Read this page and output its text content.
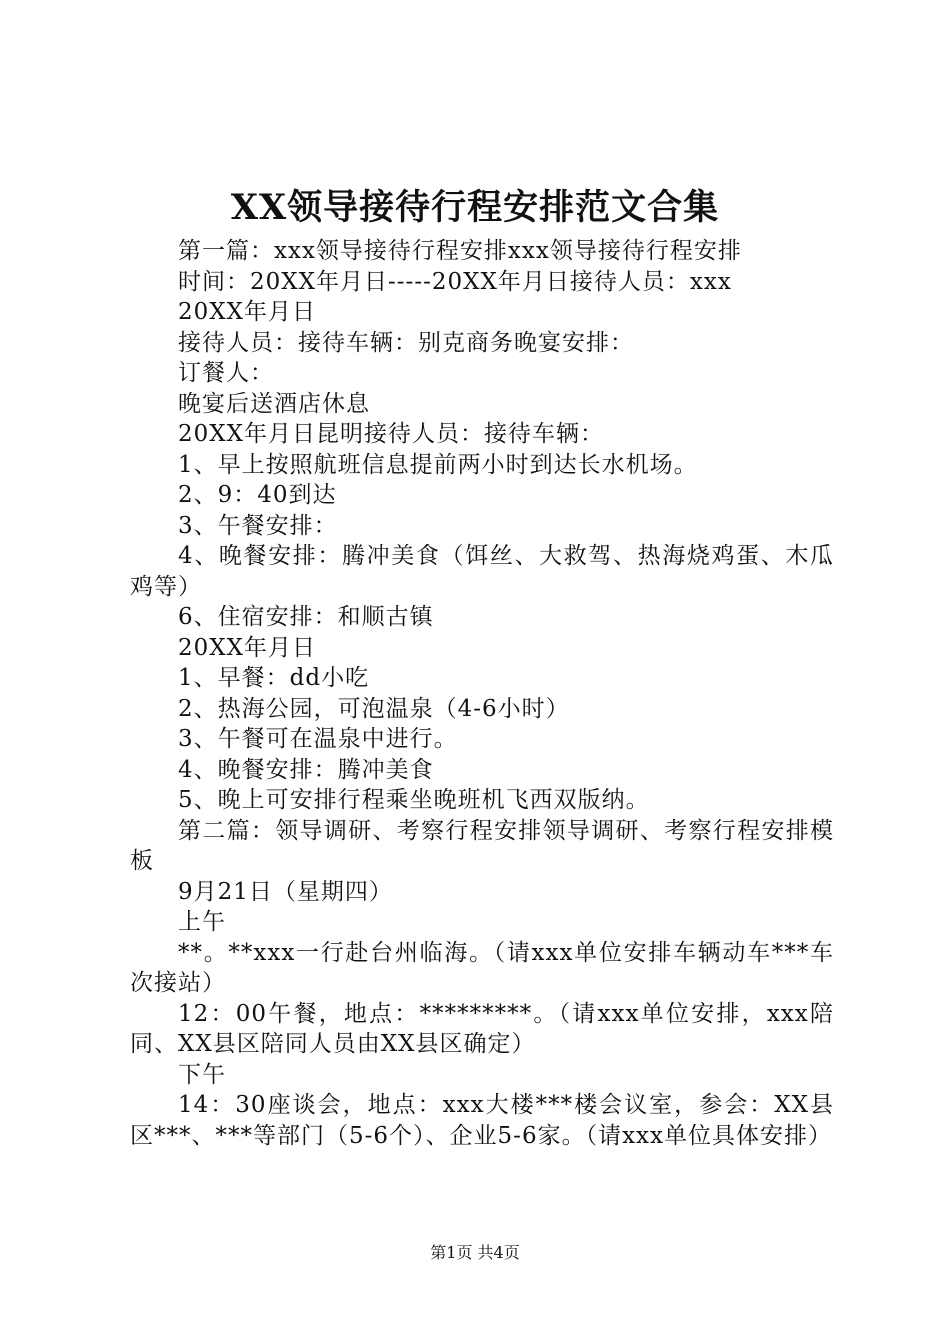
XX领导接待行程安排范文合集

第一篇：xxx领导接待行程安排xxx领导接待行程安排

时间：20XX年月日-----20XX年月日接待人员：xxx

20XX年月日

接待人员：接待车辆：别克商务晚宴安排：

订餐人：

晚宴后送酒店休息

20XX年月日昆明接待人员：接待车辆：

1、早上按照航班信息提前两小时到达长水机场。

2、9：40到达

3、午餐安排：

4、晚餐安排：腾冲美食（饵丝、大救驾、热海烧鸡蛋、木瓜鸡等）

6、住宿安排：和顺古镇

20XX年月日

1、早餐：dd小吃

2、热海公园，可泡温泉（4-6小时）

3、午餐可在温泉中进行。

4、晚餐安排：腾冲美食

5、晚上可安排行程乘坐晚班机飞西双版纳。

第二篇：领导调研、考察行程安排领导调研、考察行程安排模板

9月21日（星期四）

上午

**。**xxx一行赴台州临海。（请xxx单位安排车辆动车***车次接站）

12：00午餐，地点：*********。（请xxx单位安排，xxx陪同、XX县区陪同人员由XX县区确定）

下午

14：30座谈会，地点：xxx大楼***楼会议室，参会：XX县区***、***等部门（5-6个）、企业5-6家。（请xxx单位具体安排）

第1页 共4页
